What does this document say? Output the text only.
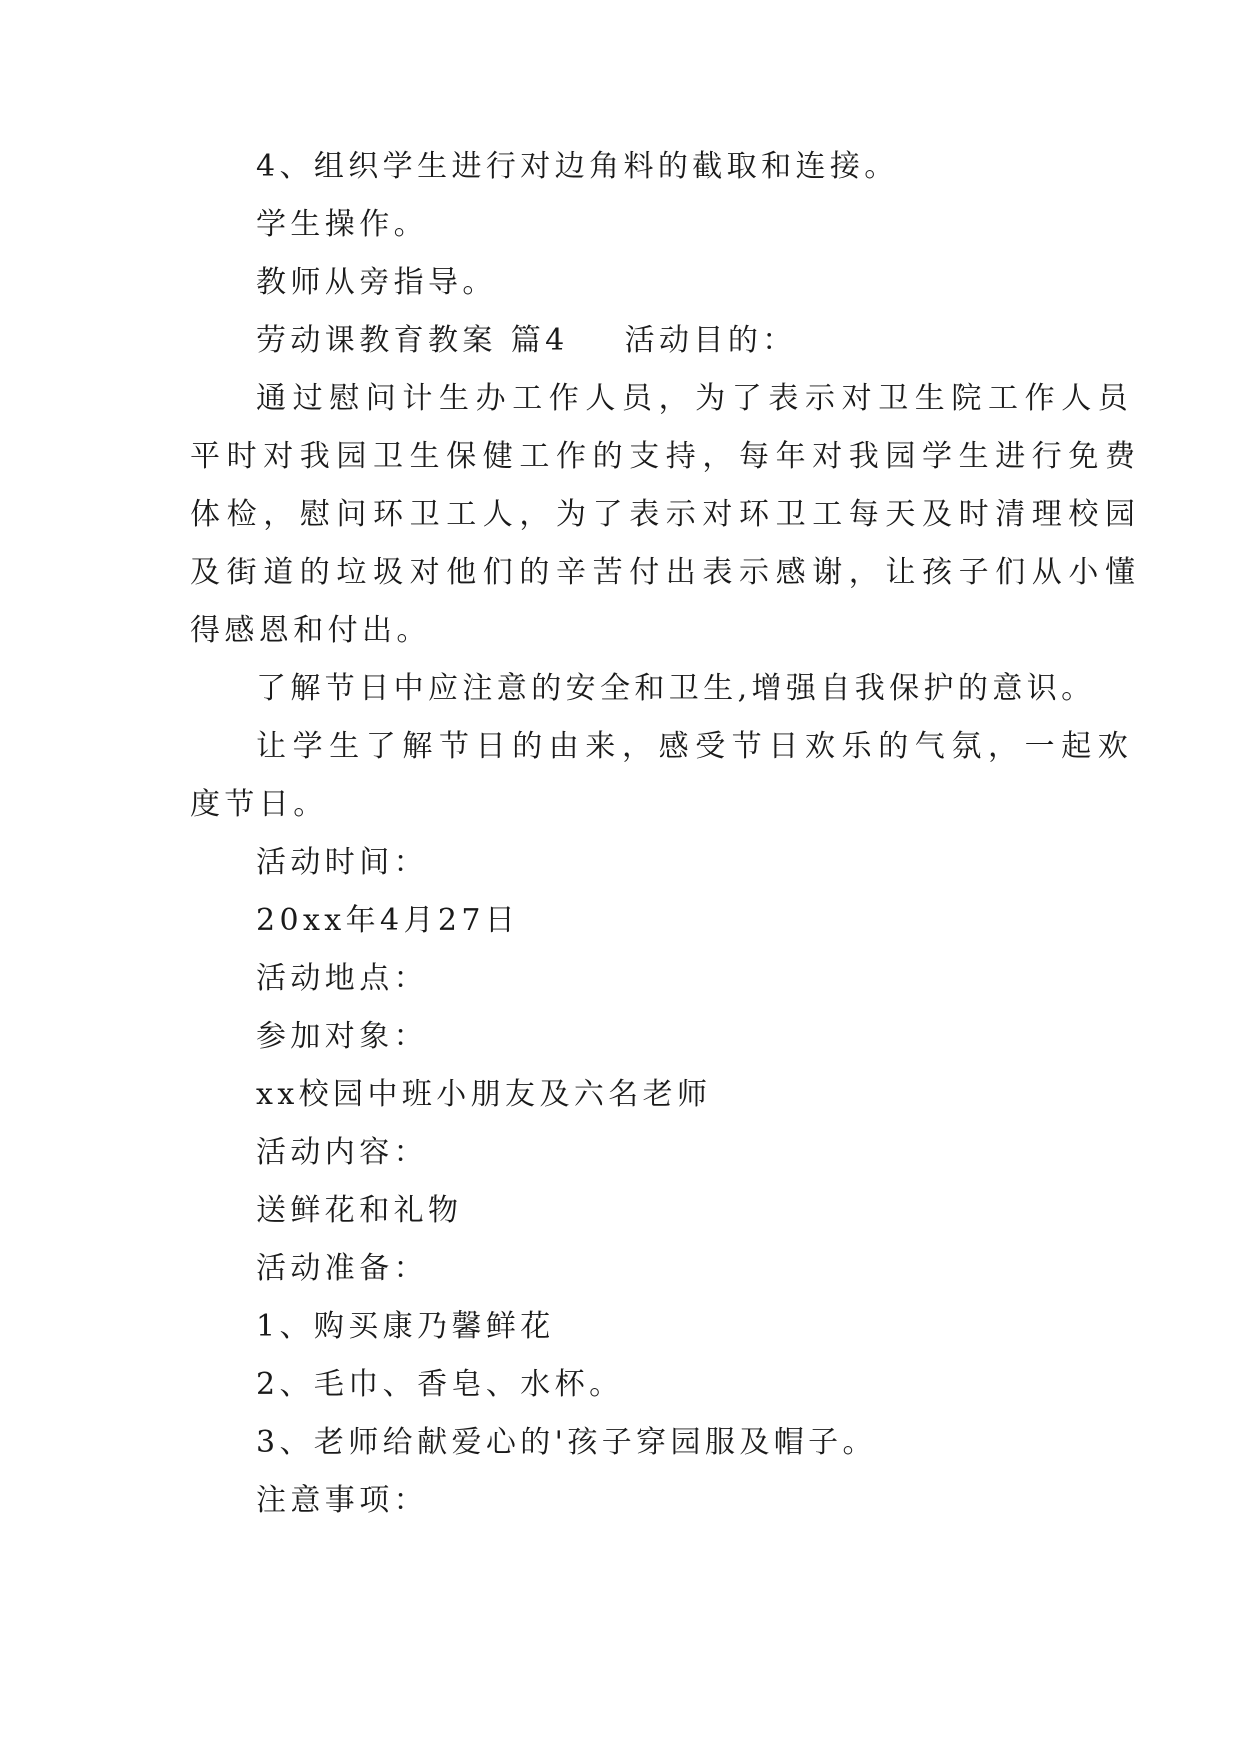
4、组织学生进行对边角料的截取和连接。
学生操作。
教师从旁指导。
劳动课教育教案 篇4 活动目的：
通过慰问计生办工作人员，为了表示对卫生院工作人员
平时对我园卫生保健工作的支持，每年对我园学生进行免费
体检，慰问环卫工人，为了表示对环卫工每天及时清理校园
及街道的垃圾对他们的辛苦付出表示感谢，让孩子们从小懂
得感恩和付出。
了解节日中应注意的安全和卫生,增强自我保护的意识。
让学生了解节日的由来，感受节日欢乐的气氛，一起欢
度节日。
活动时间：
20xx年4月27日
活动地点：
参加对象：
xx校园中班小朋友及六名老师
活动内容：
送鲜花和礼物
活动准备：
1、购买康乃馨鲜花
2、毛巾、香皂、水杯。
3、老师给献爱心的'孩子穿园服及帽子。
注意事项：
